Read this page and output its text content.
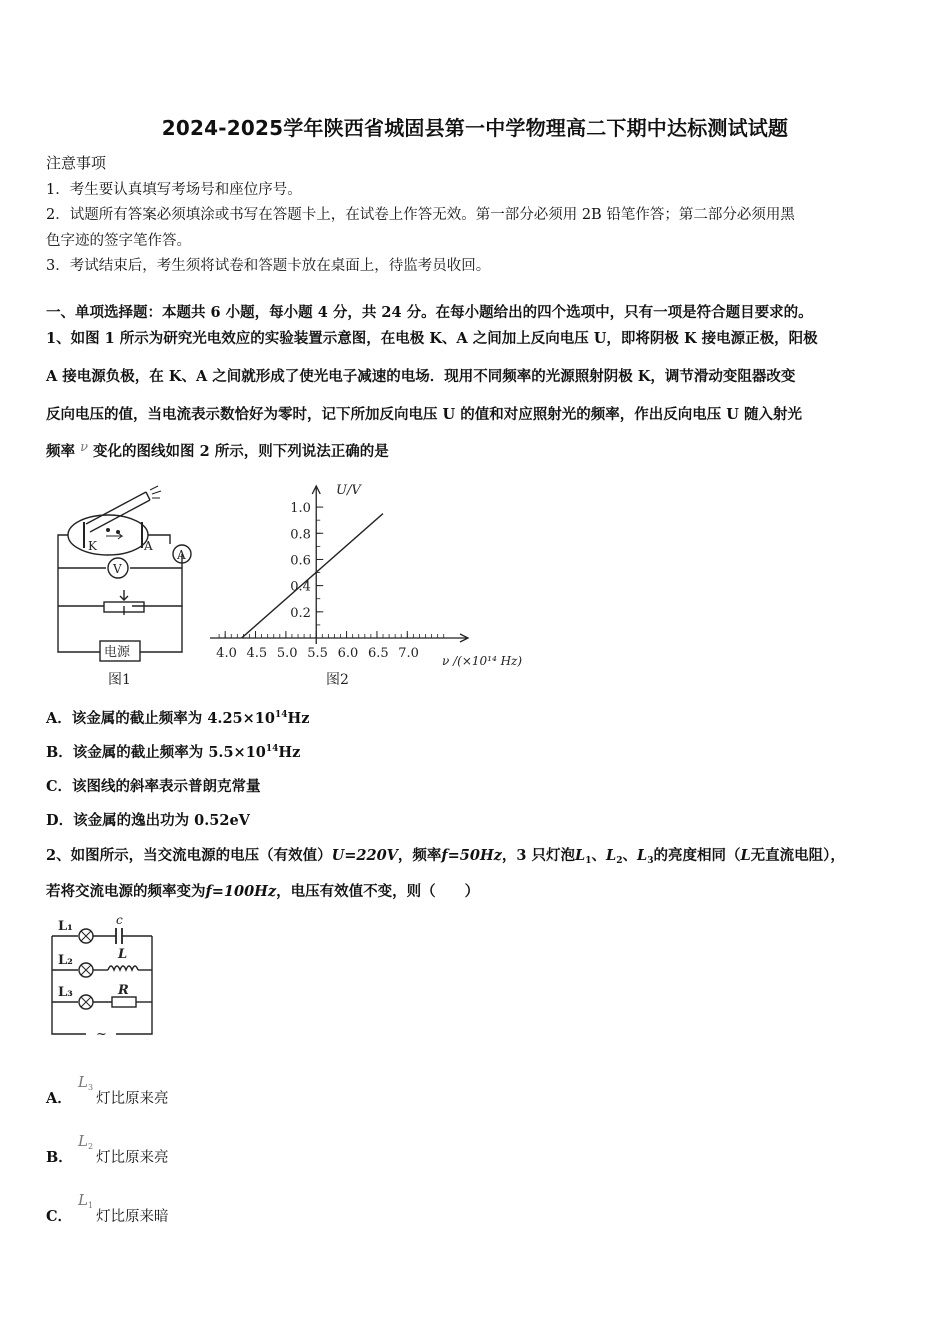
2024-2025学年陕西省城固县第一中学物理高二下期中达标测试试题
注意事项
1．考生要认真填写考场号和座位序号。
2．试题所有答案必须填涂或书写在答题卡上，在试卷上作答无效。第一部分必须用 2B 铅笔作答；第二部分必须用黑
色字迹的签字笔作答。
3．考试结束后，考生须将试卷和答题卡放在桌面上，待监考员收回。
一、单项选择题：本题共 6 小题，每小题 4 分，共 24 分。在每小题给出的四个选项中，只有一项是符合题目要求的。
1、如图 1 所示为研究光电效应的实验装置示意图，在电极 K、A 之间加上反向电压 U，即将阴极 K 接电源正极，阳极
A 接电源负极，在 K、A 之间就形成了使光电子减速的电场．现用不同频率的光源照射阴极 K，调节滑动变阻器改变
反向电压的值，当电流表示数恰好为零时，记下所加反向电压 U 的值和对应照射光的频率，作出反向电压 U 随入射光
频率 ν 变化的图线如图 2 所示，则下列说法正确的是
K	A
A
V
电源
图1
4.0 4.5 5.0 5.5 6.0 6.5 7.0
0.2
0.4
0.6
0.8
1.0
ν /(×10¹⁴ Hz)
U/V
图2
A．该金属的截止频率为 $4.25\times 10^{14}Hz$
B．该金属的截止频率为 $5.5\times 10^{14}Hz$
C．该图线的斜率表示普朗克常量
D．该金属的逸出功为 0.52eV
2、如图所示，当交流电源的电压（有效值）U=220V，频率f=50Hz，3 只灯泡$L_1$、$L_2$、$L_3$的亮度相同（L无直流电阻），
若将交流电源的频率变为f=100Hz，电压有效值不变，则（　　）
L₁	c
L₂	L
L₃	R
~
A．
$L_3$
灯比原来亮
B．
$L_2$
灯比原来亮
C．
$L_1$
灯比原来暗
